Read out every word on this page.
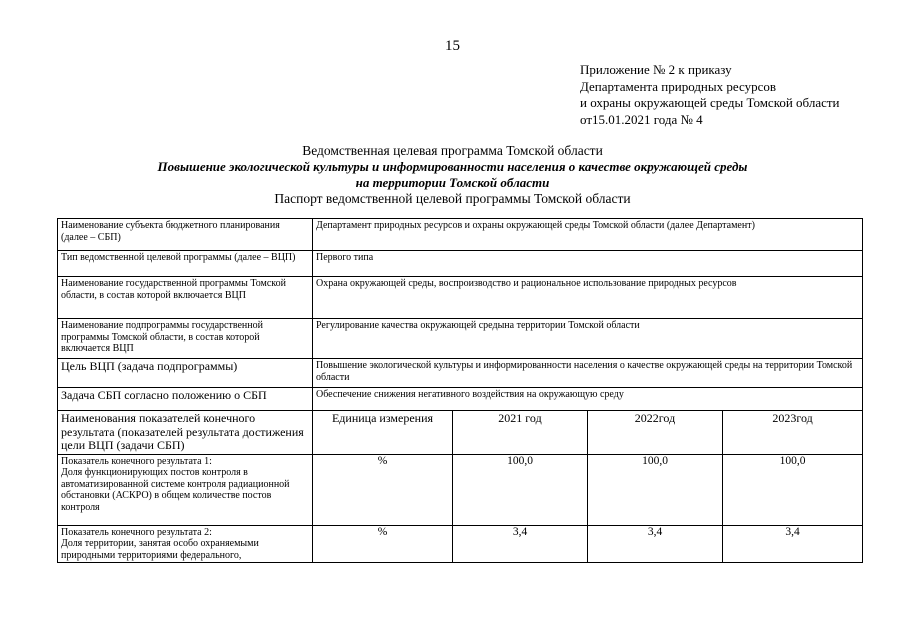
15
Приложение № 2 к приказу
Департамента природных ресурсов
и охраны окружающей среды Томской области
от15.01.2021 года № 4
Ведомственная целевая программа Томской области
Повышение экологической культуры и информированности населения о качестве окружающей среды
на территории Томской области
Паспорт ведомственной целевой программы Томской области
Наименование субъекта бюджетного планирования (далее – СБП)	Департамент природных ресурсов и охраны окружающей среды Томской области (далее Департамент)			
Тип ведомственной целевой программы (далее – ВЦП)	Первого типа			
Наименование государственной программы Томской области, в состав которой включается ВЦП	Охрана окружающей среды, воспроизводство и рациональное использование природных ресурсов			
Наименование подпрограммы государственной программы Томской области, в состав которой включается ВЦП	Регулирование качества окружающей средына территории Томской области			
Цель ВЦП (задача подпрограммы)	Повышение экологической культуры и информированности населения о качестве окружающей среды на территории Томской области			
Задача СБП согласно положению о СБП	Обеспечение снижения негативного воздействия на окружающую среду			
Наименования показателей конечного результата (показателей результата достижения цели ВЦП (задачи СБП)	Единица измерения	2021 год	2022год	2023год
Показатель конечного результата 1:
Доля функционирующих постов контроля в автоматизированной системе контроля радиационной обстановки (АСКРО) в общем количестве постов контроля	%	100,0	100,0	100,0
Показатель конечного результата 2:
Доля территории, занятая особо охраняемыми природными территориями федерального,	%	3,4	3,4	3,4
